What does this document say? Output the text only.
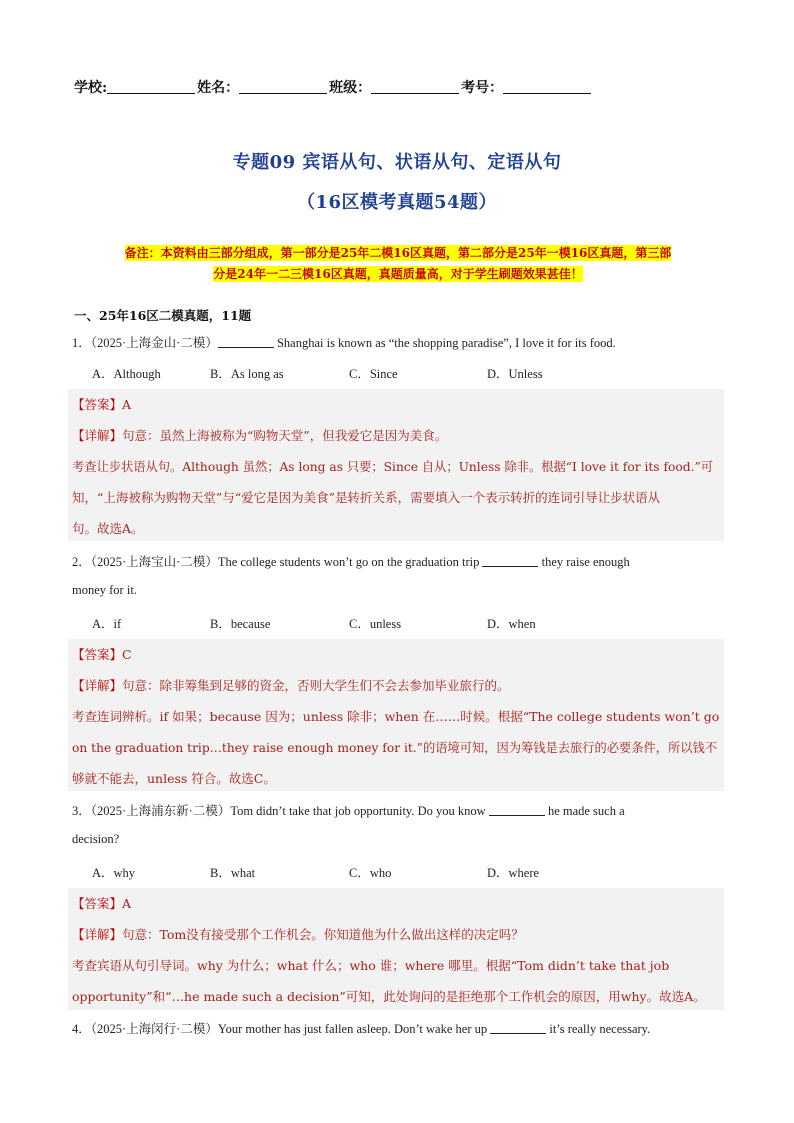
学校:	姓名：	班级：	考号：
专题09 宾语从句、状语从句、定语从句
（16区模考真题54题）
备注：本资料由三部分组成，第一部分是25年二模16区真题，第二部分是25年一模16区真题，第三部
分是24年一二三模16区真题，真题质量高，对于学生刷题效果甚佳！
一、25年16区二模真题，11题
1．（2025·上海金山·二模）	Shanghai is known as “the shopping paradise”, I love it for its food.
A．Although	B．As long as	C．Since	D．Unless
【答案】A
【详解】句意：虽然上海被称为“购物天堂”，但我爱它是因为美食。
考查让步状语从句。Although 虽然；As long as 只要；Since 自从；Unless 除非。根据“I love it for its food.”可
知，“上海被称为购物天堂”与“爱它是因为美食”是转折关系，需要填入一个表示转折的连词引导让步状语从
句。故选A。
2．（2025·上海宝山·二模）The college students won’t go on the graduation trip	they raise enough
money for it.
A．if	B．because	C．unless	D．when
【答案】C
【详解】句意：除非筹集到足够的资金，否则大学生们不会去参加毕业旅行的。
考查连词辨析。if 如果；because 因为；unless 除非；when 在……时候。根据“The college students won’t go
on the graduation trip…they raise enough money for it.”的语境可知，因为筹钱是去旅行的必要条件，所以钱不
够就不能去，unless 符合。故选C。
3．（2025·上海浦东新·二模）Tom didn’t take that job opportunity. Do you know	he made such a
decision?
A．why	B．what	C．who	D．where
【答案】A
【详解】句意：Tom没有接受那个工作机会。你知道他为什么做出这样的决定吗？
考查宾语从句引导词。why 为什么；what 什么；who 谁；where 哪里。根据“Tom didn’t take that job
opportunity”和“…he made such a decision”可知，此处询问的是拒绝那个工作机会的原因，用why。故选A。
4．（2025·上海闵行·二模）Your mother has just fallen asleep. Don’t wake her up	it’s really necessary.
